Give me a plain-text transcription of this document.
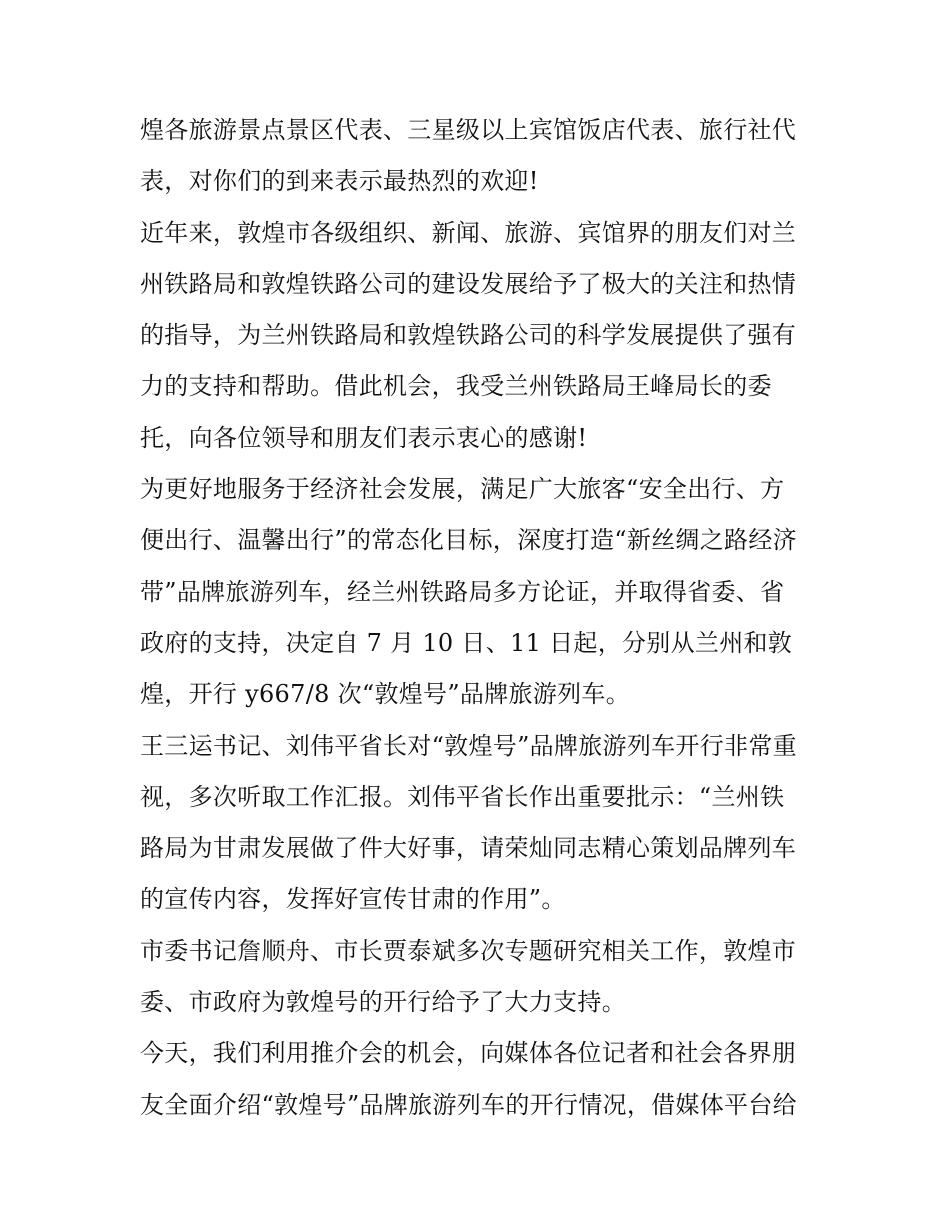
煌各旅游景点景区代表、三星级以上宾馆饭店代表、旅行社代
表，对你们的到来表示最热烈的欢迎!
近年来，敦煌市各级组织、新闻、旅游、宾馆界的朋友们对兰
州铁路局和敦煌铁路公司的建设发展给予了极大的关注和热情
的指导，为兰州铁路局和敦煌铁路公司的科学发展提供了强有
力的支持和帮助。借此机会，我受兰州铁路局王峰局长的委
托，向各位领导和朋友们表示衷心的感谢!
为更好地服务于经济社会发展，满足广大旅客“安全出行、方
便出行、温馨出行”的常态化目标，深度打造“新丝绸之路经济
带”品牌旅游列车，经兰州铁路局多方论证，并取得省委、省
政府的支持，决定自 7 月 10 日、11 日起，分别从兰州和敦
煌，开行 y667/8 次“敦煌号”品牌旅游列车。
王三运书记、刘伟平省长对“敦煌号”品牌旅游列车开行非常重
视，多次听取工作汇报。刘伟平省长作出重要批示：“兰州铁
路局为甘肃发展做了件大好事，请荣灿同志精心策划品牌列车
的宣传内容，发挥好宣传甘肃的作用”。
市委书记詹顺舟、市长贾泰斌多次专题研究相关工作，敦煌市
委、市政府为敦煌号的开行给予了大力支持。
今天，我们利用推介会的机会，向媒体各位记者和社会各界朋
友全面介绍“敦煌号”品牌旅游列车的开行情况，借媒体平台给
